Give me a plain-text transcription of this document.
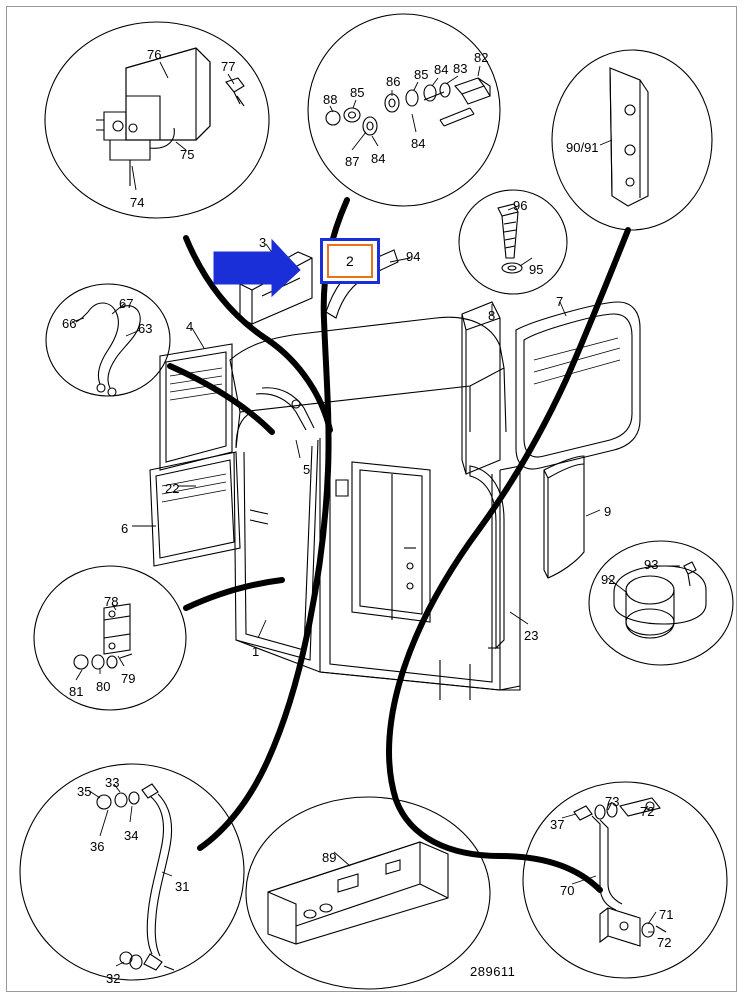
2
76
77
75
74
88 85
86 85 84 83
82
87 84
84	90/91
96
95
3
94
8
7
67
63
66	4
5
22
6
9
92
93
1
23
78
79
80
81
35
33
34
36
31
32
89
73
72
37
70
71
72
289611
